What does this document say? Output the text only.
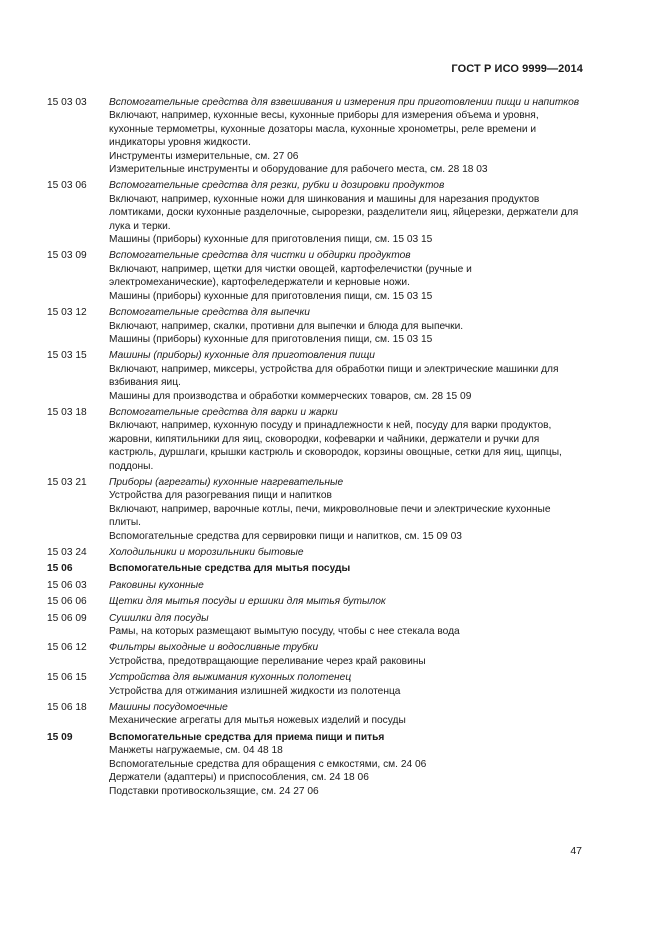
ГОСТ Р ИСО 9999—2014
15 03 03	Вспомогательные средства для взвешивания и измерения при приготовлении пищи и напитков
Включают, например, кухонные весы, кухонные приборы для измерения объема и уровня, кухонные термометры, кухонные дозаторы масла, кухонные хронометры, реле времени и индикаторы уровня жидкости.
Инструменты измерительные, см. 27 06
Измерительные инструменты и оборудование для рабочего места, см. 28 18 03
15 03 06	Вспомогательные средства для резки, рубки и дозировки продуктов
Включают, например, кухонные ножи для шинкования и машины для нарезания продуктов ломтиками, доски кухонные разделочные, сырорезки, разделители яиц, яйцерезки, держатели для лука и терки.
Машины (приборы) кухонные для приготовления пищи, см. 15 03 15
15 03 09	Вспомогательные средства для чистки и обдирки продуктов
Включают, например, щетки для чистки овощей, картофелечистки (ручные и электромеханические), картофеледержатели и керновые ножи.
Машины (приборы) кухонные для приготовления пищи, см. 15 03 15
15 03 12	Вспомогательные средства для выпечки
Включают, например, скалки, противни для выпечки и блюда для выпечки.
Машины (приборы) кухонные для приготовления пищи, см. 15 03 15
15 03 15	Машины (приборы) кухонные для приготовления пищи
Включают, например, миксеры, устройства для обработки пищи и электрические машинки для взбивания яиц.
Машины для производства и обработки коммерческих товаров, см. 28 15 09
15 03 18	Вспомогательные средства для варки и жарки
Включают, например, кухонную посуду и принадлежности к ней, посуду для варки продуктов, жаровни, кипятильники для яиц, сковородки, кофеварки и чайники, держатели и ручки для кастрюль, дуршлаги, крышки кастрюль и сковородок, корзины овощные, сетки для яиц, щипцы, поддоны.
15 03 21	Приборы (агрегаты) кухонные нагревательные
Устройства для разогревания пищи и напитков
Включают, например, варочные котлы, печи, микроволновые печи и электрические кухонные плиты.
Вспомогательные средства для сервировки пищи и напитков, см. 15 09 03
15 03 24	Холодильники и морозильники бытовые
15 06	Вспомогательные средства для мытья посуды
15 06 03	Раковины кухонные
15 06 06	Щетки для мытья посуды и ершики для мытья бутылок
15 06 09	Сушилки для посуды
Рамы, на которых размещают вымытую посуду, чтобы с нее стекала вода
15 06 12	Фильтры выходные и водосливные трубки
Устройства, предотвращающие переливание через край раковины
15 06 15	Устройства для выжимания кухонных полотенец
Устройства для отжимания излишней жидкости из полотенца
15 06 18	Машины посудомоечные
Механические агрегаты для мытья ножевых изделий и посуды
15 09	Вспомогательные средства для приема пищи и питья
Манжеты нагружаемые, см. 04 48 18
Вспомогательные средства для обращения с емкостями, см. 24 06
Держатели (адаптеры) и приспособления, см. 24 18 06
Подставки противоскользящие, см. 24 27 06
47
